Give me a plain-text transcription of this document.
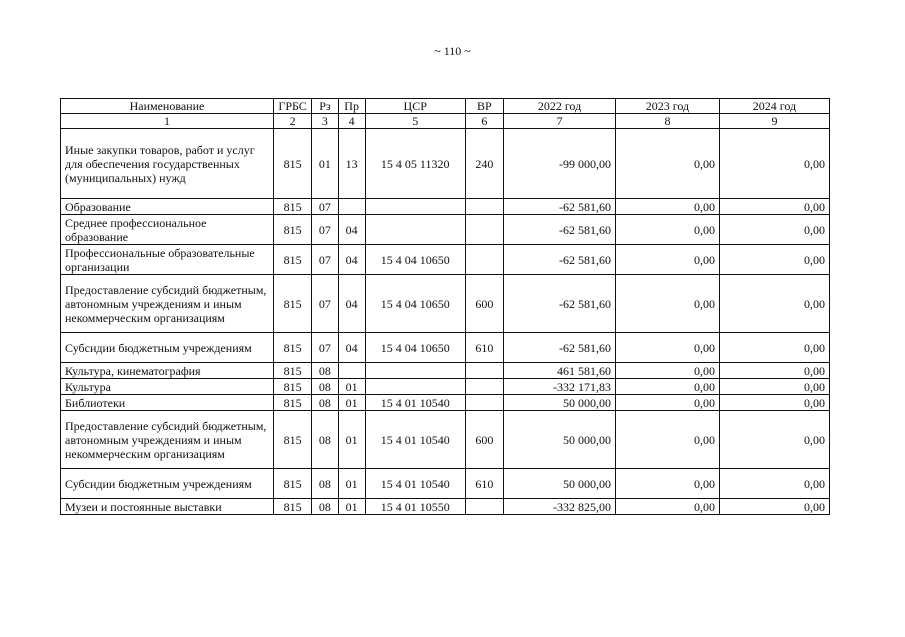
~ 110 ~
Наименование	ГРБС	Рз	Пр	ЦСР	ВР	2022 год	2023 год	2024 год
1	2	3	4	5	6	7	8	9
Иные закупки товаров, работ и услуг для обеспечения государственных (муниципальных) нужд	815	01	13	15 4 05 11320	240	-99 000,00	0,00	0,00
Образование	815	07				-62 581,60	0,00	0,00
Среднее профессиональное образование	815	07	04			-62 581,60	0,00	0,00
Профессиональные образовательные организации	815	07	04	15 4 04 10650		-62 581,60	0,00	0,00
Предоставление субсидий бюджетным, автономным учреждениям и иным некоммерческим организациям	815	07	04	15 4 04 10650	600	-62 581,60	0,00	0,00
Субсидии бюджетным учреждениям	815	07	04	15 4 04 10650	610	-62 581,60	0,00	0,00
Культура, кинематография	815	08				461 581,60	0,00	0,00
Культура	815	08	01			-332 171,83	0,00	0,00
Библиотеки	815	08	01	15 4 01 10540		50 000,00	0,00	0,00
Предоставление субсидий бюджетным, автономным учреждениям и иным некоммерческим организациям	815	08	01	15 4 01 10540	600	50 000,00	0,00	0,00
Субсидии бюджетным учреждениям	815	08	01	15 4 01 10540	610	50 000,00	0,00	0,00
Музеи и постоянные выставки	815	08	01	15 4 01 10550		-332 825,00	0,00	0,00
